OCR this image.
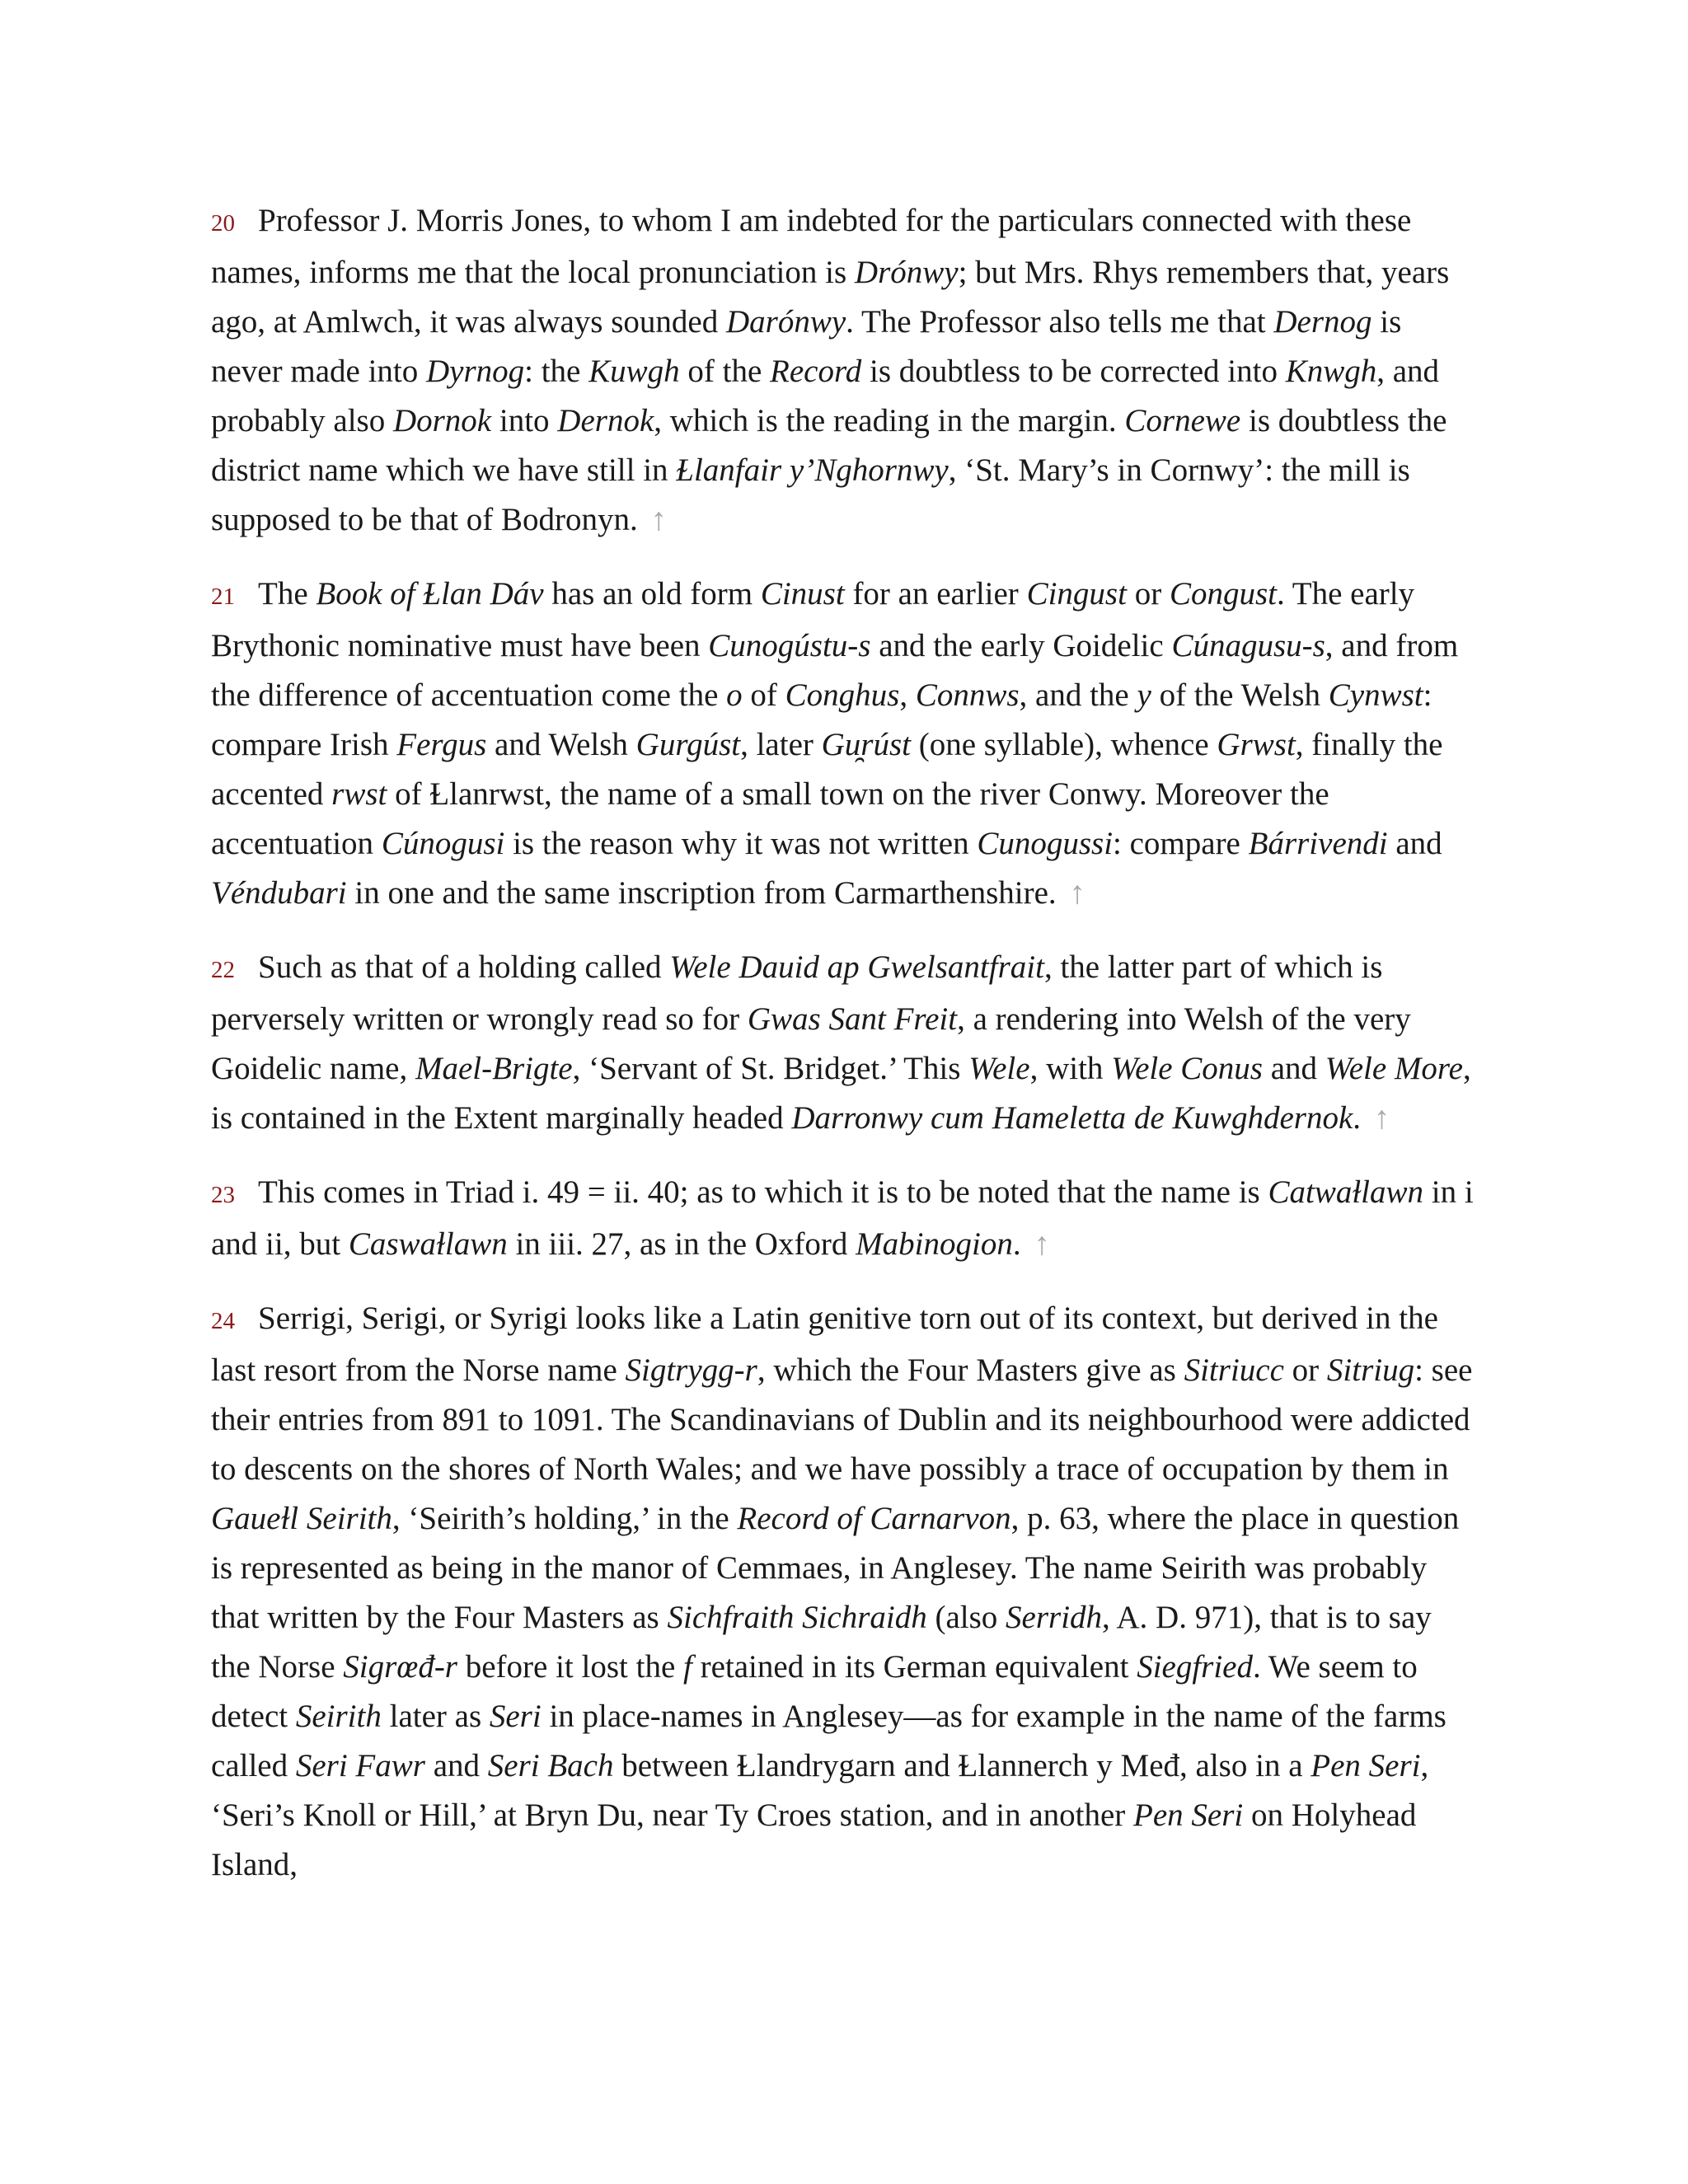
20 Professor J. Morris Jones, to whom I am indebted for the particulars connected with these names, informs me that the local pronunciation is Drónwy; but Mrs. Rhys remembers that, years ago, at Amlwch, it was always sounded Darónwy. The Professor also tells me that Dernog is never made into Dyrnog: the Kuwgh of the Record is doubtless to be corrected into Knwgh, and probably also Dornok into Dernok, which is the reading in the margin. Cornewe is doubtless the district name which we have still in Ɫlanfair y’Nghornwy, ‘St. Mary’s in Cornwy’: the mill is supposed to be that of Bodronyn. ↑

21 The Book of Ɫlan Dáv has an old form Cinust for an earlier Cingust or Congust. The early Brythonic nominative must have been Cunogústu-s and the early Goidelic Cúnagusu-s, and from the difference of accentuation come the o of Conghus, Connws, and the y of the Welsh Cynwst: compare Irish Fergus and Welsh Gurgúst, later Gu̯rúst (one syllable), whence Grwst, finally the accented rwst of Ɫlanrwst, the name of a small town on the river Conwy. Moreover the accentuation Cúnogusi is the reason why it was not written Cunogussi: compare Bárrivendi and Véndubari in one and the same inscription from Carmarthenshire. ↑

22 Such as that of a holding called Wele Dauid ap Gwelsantfrait, the latter part of which is perversely written or wrongly read so for Gwas Sant Freit, a rendering into Welsh of the very Goidelic name, Mael-Brigte, ‘Servant of St. Bridget.’ This Wele, with Wele Conus and Wele More, is contained in the Extent marginally headed Darronwy cum Hameletta de Kuwghdernok. ↑

23 This comes in Triad i. 49 = ii. 40; as to which it is to be noted that the name is Catwaɫlawn in i and ii, but Caswaɫlawn in iii. 27, as in the Oxford Mabinogion. ↑

24 Serrigi, Serigi, or Syrigi looks like a Latin genitive torn out of its context, but derived in the last resort from the Norse name Sigtrygg-r, which the Four Masters give as Sitriucc or Sitriug: see their entries from 891 to 1091. The Scandinavians of Dublin and its neighbourhood were addicted to descents on the shores of North Wales; and we have possibly a trace of occupation by them in Gaueɫl Seirith, ‘Seirith’s holding,’ in the Record of Carnarvon, p. 63, where the place in question is represented as being in the manor of Cemmaes, in Anglesey. The name Seirith was probably that written by the Four Masters as Sichfraith Sichraidh (also Serridh, A. D. 971), that is to say the Norse Sigrœđ-r before it lost the f retained in its German equivalent Siegfried. We seem to detect Seirith later as Seri in place-names in Anglesey—as for example in the name of the farms called Seri Fawr and Seri Bach between Ɫlandrygarn and Ɫlannerch y Međ, also in a Pen Seri, ‘Seri’s Knoll or Hill,’ at Bryn Du, near Ty Croes station, and in another Pen Seri on Holyhead Island,
